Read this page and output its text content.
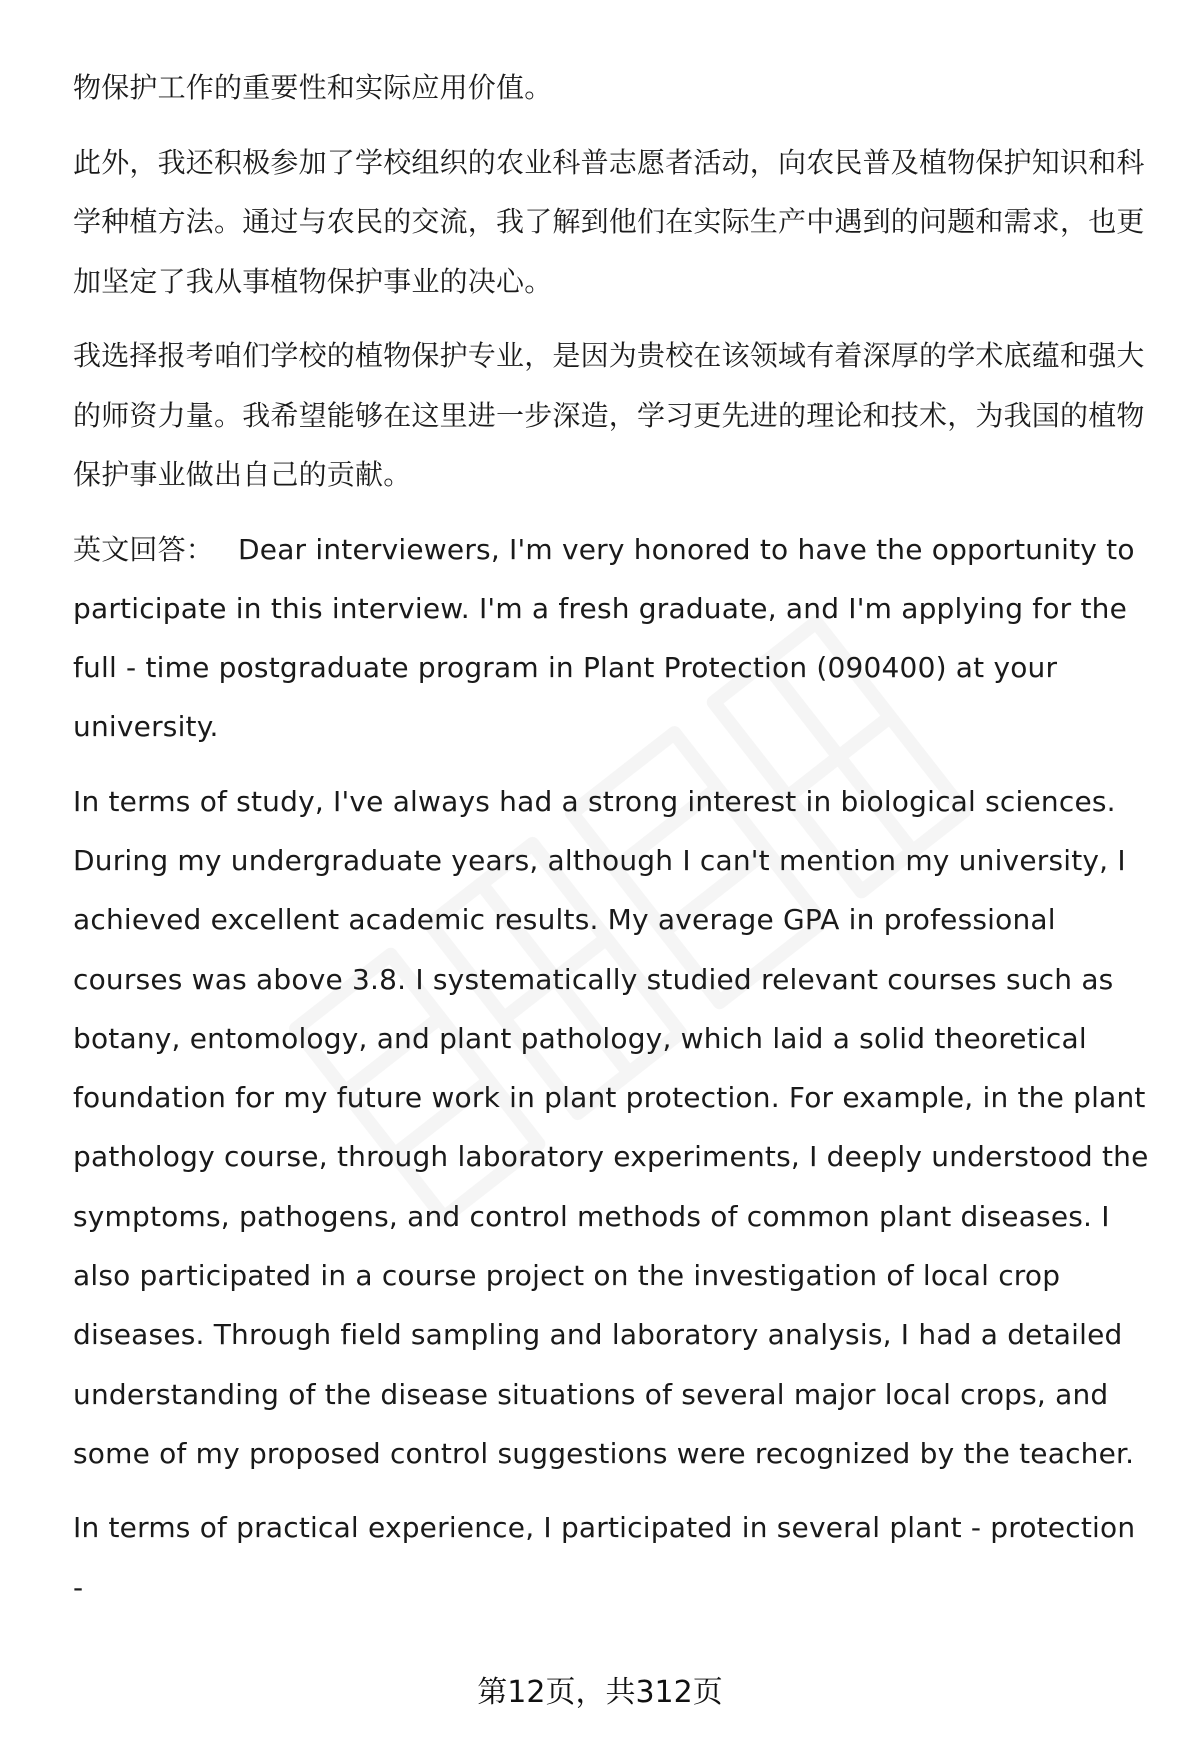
物保护工作的重要性和实际应用价值。

此外，我还积极参加了学校组织的农业科普志愿者活动，向农民普及植物保护知识和科学种植方法。通过与农民的交流，我了解到他们在实际生产中遇到的问题和需求，也更加坚定了我从事植物保护事业的决心。

我选择报考咱们学校的植物保护专业，是因为贵校在该领域有着深厚的学术底蕴和强大的师资力量。我希望能够在这里进一步深造，学习更先进的理论和技术，为我国的植物保护事业做出自己的贡献。

英文回答： Dear interviewers, I'm very honored to have the opportunity to participate in this interview. I'm a fresh graduate, and I'm applying for the full - time postgraduate program in Plant Protection (090400) at your university.

In terms of study, I've always had a strong interest in biological sciences. During my undergraduate years, although I can't mention my university, I achieved excellent academic results. My average GPA in professional courses was above 3.8. I systematically studied relevant courses such as botany, entomology, and plant pathology, which laid a solid theoretical foundation for my future work in plant protection. For example, in the plant pathology course, through laboratory experiments, I deeply understood the symptoms, pathogens, and control methods of common plant diseases. I also participated in a course project on the investigation of local crop diseases. Through field sampling and laboratory analysis, I had a detailed understanding of the disease situations of several major local crops, and some of my proposed control suggestions were recognized by the teacher.

In terms of practical experience, I participated in several plant - protection -

第12页，共312页
